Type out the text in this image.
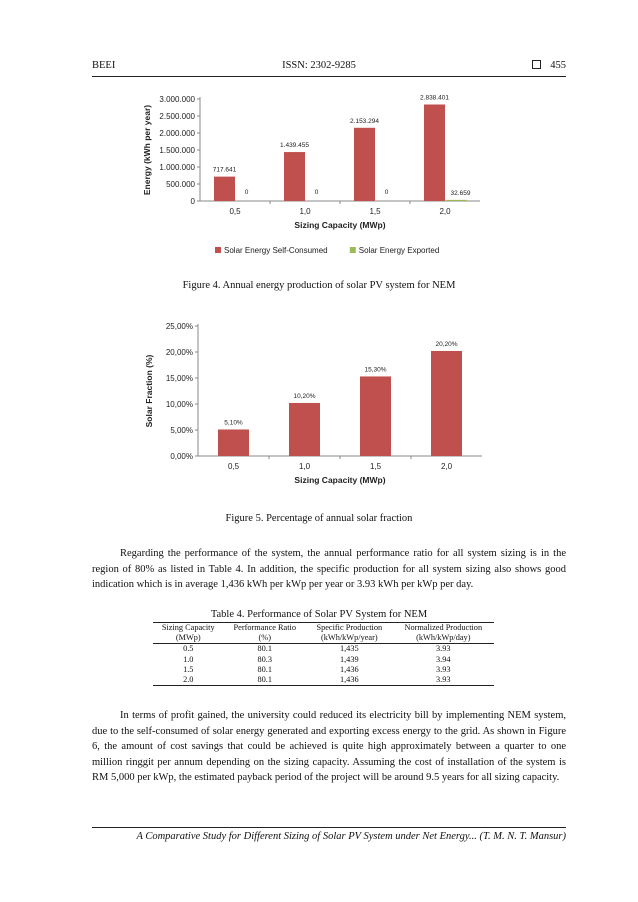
BEEI	ISSN: 2302-9285	455
0
500.000
1.000.000
1.500.000
2.000.000
2.500.000
3.000.000
0,5	1,0	1,5	2,0
717.641
1.439.455
2.153.294
2.838.401
0	0	0	32.659
Sizing Capacity (MWp)
Energy (kWh per year)
Solar Energy Self-Consumed	Solar Energy Exported
Figure 4. Annual energy production of solar PV system for NEM
0,00%
5,00%
10,00%
15,00%
20,00%
25,00%
0,5	1,0	1,5	2,0
5,10%
10,20%
15,30%
20,20%
Sizing Capacity (MWp)
Solar Fraction (%)
Figure 5. Percentage of annual solar fraction

Regarding the performance of the system, the annual performance ratio for all system sizing is in the region of 80% as listed in Table 4. In addition, the specific production for all system sizing also shows good indication which is in average 1,436 kWh per kWp per year or 3.93 kWh per kWp per day.

Table 4. Performance of Solar PV System for NEM
Sizing Capacity	Performance Ratio	Specific Production	Normalized Production
(MWp)	(%)	(kWh/kWp/year)	(kWh/kWp/day)
0.5	80.1	1,435	3.93
1.0	80.3	1,439	3.94
1.5	80.1	1,436	3.93
2.0	80.1	1,436	3.93

In terms of profit gained, the university could reduced its electricity bill by implementing NEM system, due to the self-consumed of solar energy generated and exporting excess energy to the grid. As shown in Figure 6, the amount of cost savings that could be achieved is quite high approximately between a quarter to one million ringgit per annum depending on the sizing capacity. Assuming the cost of installation of the system is RM 5,000 per kWp, the estimated payback period of the project will be around 9.5 years for all sizing capacity.

A Comparative Study for Different Sizing of Solar PV System under Net Energy... (T. M. N. T. Mansur)
